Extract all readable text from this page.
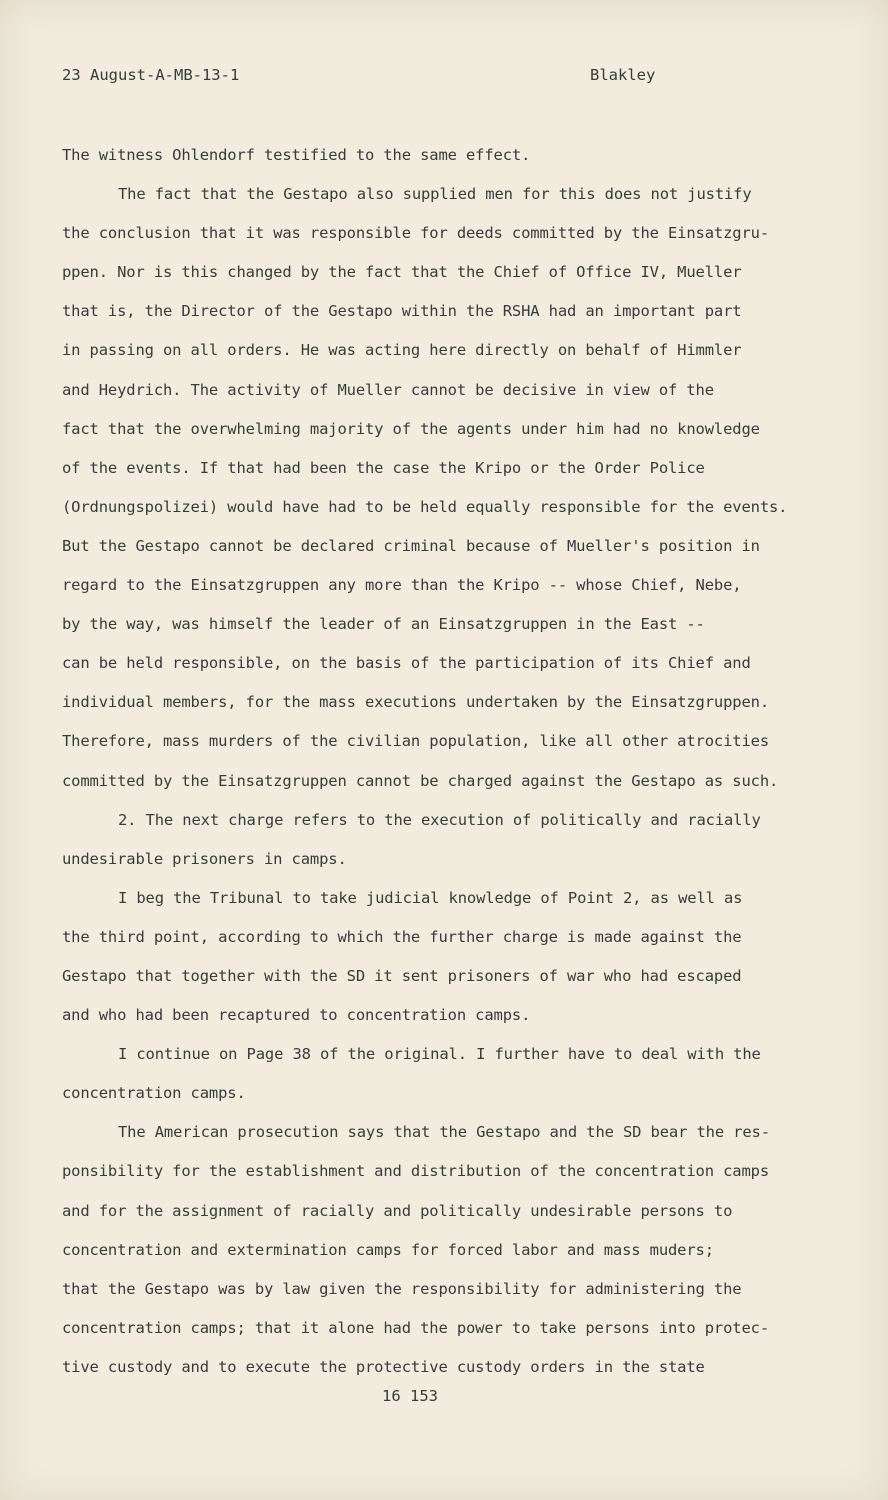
23 August-A-MB-13-1	Blakley
The witness Ohlendorf testified to the same effect.
The fact that the Gestapo also supplied men for this does not justify
the conclusion that it was responsible for deeds committed by the Einsatzgru-
ppen. Nor is this changed by the fact that the Chief of Office IV, Mueller
that is, the Director of the Gestapo within the RSHA had an important part
in passing on all orders. He was acting here directly on behalf of Himmler
and Heydrich. The activity of Mueller cannot be decisive in view of the
fact that the overwhelming majority of the agents under him had no knowledge
of the events. If that had been the case the Kripo or the Order Police
(Ordnungspolizei) would have had to be held equally responsible for the events.
But the Gestapo cannot be declared criminal because of Mueller's position in
regard to the Einsatzgruppen any more than the Kripo -- whose Chief, Nebe,
by the way, was himself the leader of an Einsatzgruppen in the East --
can be held responsible, on the basis of the participation of its Chief and
individual members, for the mass executions undertaken by the Einsatzgruppen.
Therefore, mass murders of the civilian population, like all other atrocities
committed by the Einsatzgruppen cannot be charged against the Gestapo as such.
2. The next charge refers to the execution of politically and racially
undesirable prisoners in camps.
I beg the Tribunal to take judicial knowledge of Point 2, as well as
the third point, according to which the further charge is made against the
Gestapo that together with the SD it sent prisoners of war who had escaped
and who had been recaptured to concentration camps.
I continue on Page 38 of the original. I further have to deal with the
concentration camps.
The American prosecution says that the Gestapo and the SD bear the res-
ponsibility for the establishment and distribution of the concentration camps
and for the assignment of racially and politically undesirable persons to
concentration and extermination camps for forced labor and mass muders;
that the Gestapo was by law given the responsibility for administering the
concentration camps; that it alone had the power to take persons into protec-
tive custody and to execute the protective custody orders in the state
16 153
